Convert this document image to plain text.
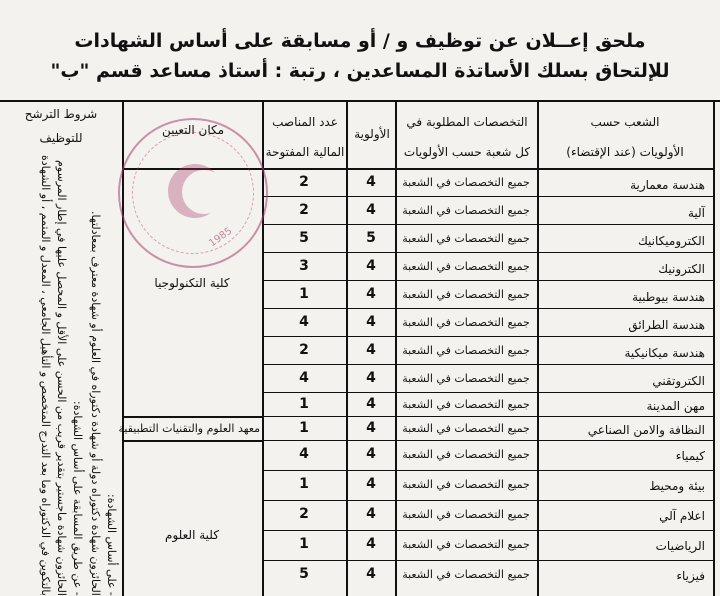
ملحق إعــلان عن توظيف و / أو مسابقة على أساس الشهادات
للإلتحاق بسلك الأساتذة المساعدين ، رتبة : أستاذ مساعد قسم "ب"
الشعب حسب
الأولويات (عند الإقتضاء)
التخصصات المطلوبة في
كل شعبة حسب الأولويات
الأولوية
عدد المناصب
المالية المفتوحة
مكان التعيين
شروط الترشح
للتوظيف
هندسة معمارية
جميع التخصصات في الشعبة
4
2
آلية
جميع التخصصات في الشعبة
4
2
الكتروميكانيك
جميع التخصصات في الشعبة
5
5
الكترونيك
جميع التخصصات في الشعبة
4
3
هندسة بيوطبية
جميع التخصصات في الشعبة
4
1
هندسة الطرائق
جميع التخصصات في الشعبة
4
4
هندسة ميكانيكية
جميع التخصصات في الشعبة
4
2
الكتروتقني
جميع التخصصات في الشعبة
4
4
مهن المدينة
جميع التخصصات في الشعبة
4
1
النظافة والامن الصناعي
جميع التخصصات في الشعبة
4
1
كيمياء
جميع التخصصات في الشعبة
4
4
بيئة ومحيط
جميع التخصصات في الشعبة
4
1
اعلام آلي
جميع التخصصات في الشعبة
4
2
الرياضيات
جميع التخصصات في الشعبة
4
1
فيزياء
جميع التخصصات في الشعبة
4
5
كلية التكنولوجيا
معهد العلوم والتقنيات التطبيقية
كلية العلوم
- على أساس الشهادة:
الحائزون شهادة دكتوراه دولة أو شهادة دكتوراه في العلوم أو شهادة معترف بمعادلتها.
- عن طريق المسابقة على أساس الشهادة:
الحائزون شهادة ماجستير بتقدير قريب من الحسن على الأقل و المحصل عليها في إطار المرسوم
بالتكوين في الدكتوراه وما بعد التدرج المتخصص و التأهيل الجامعي ، المعدل و المتمم ، أو الشهادة	1985
